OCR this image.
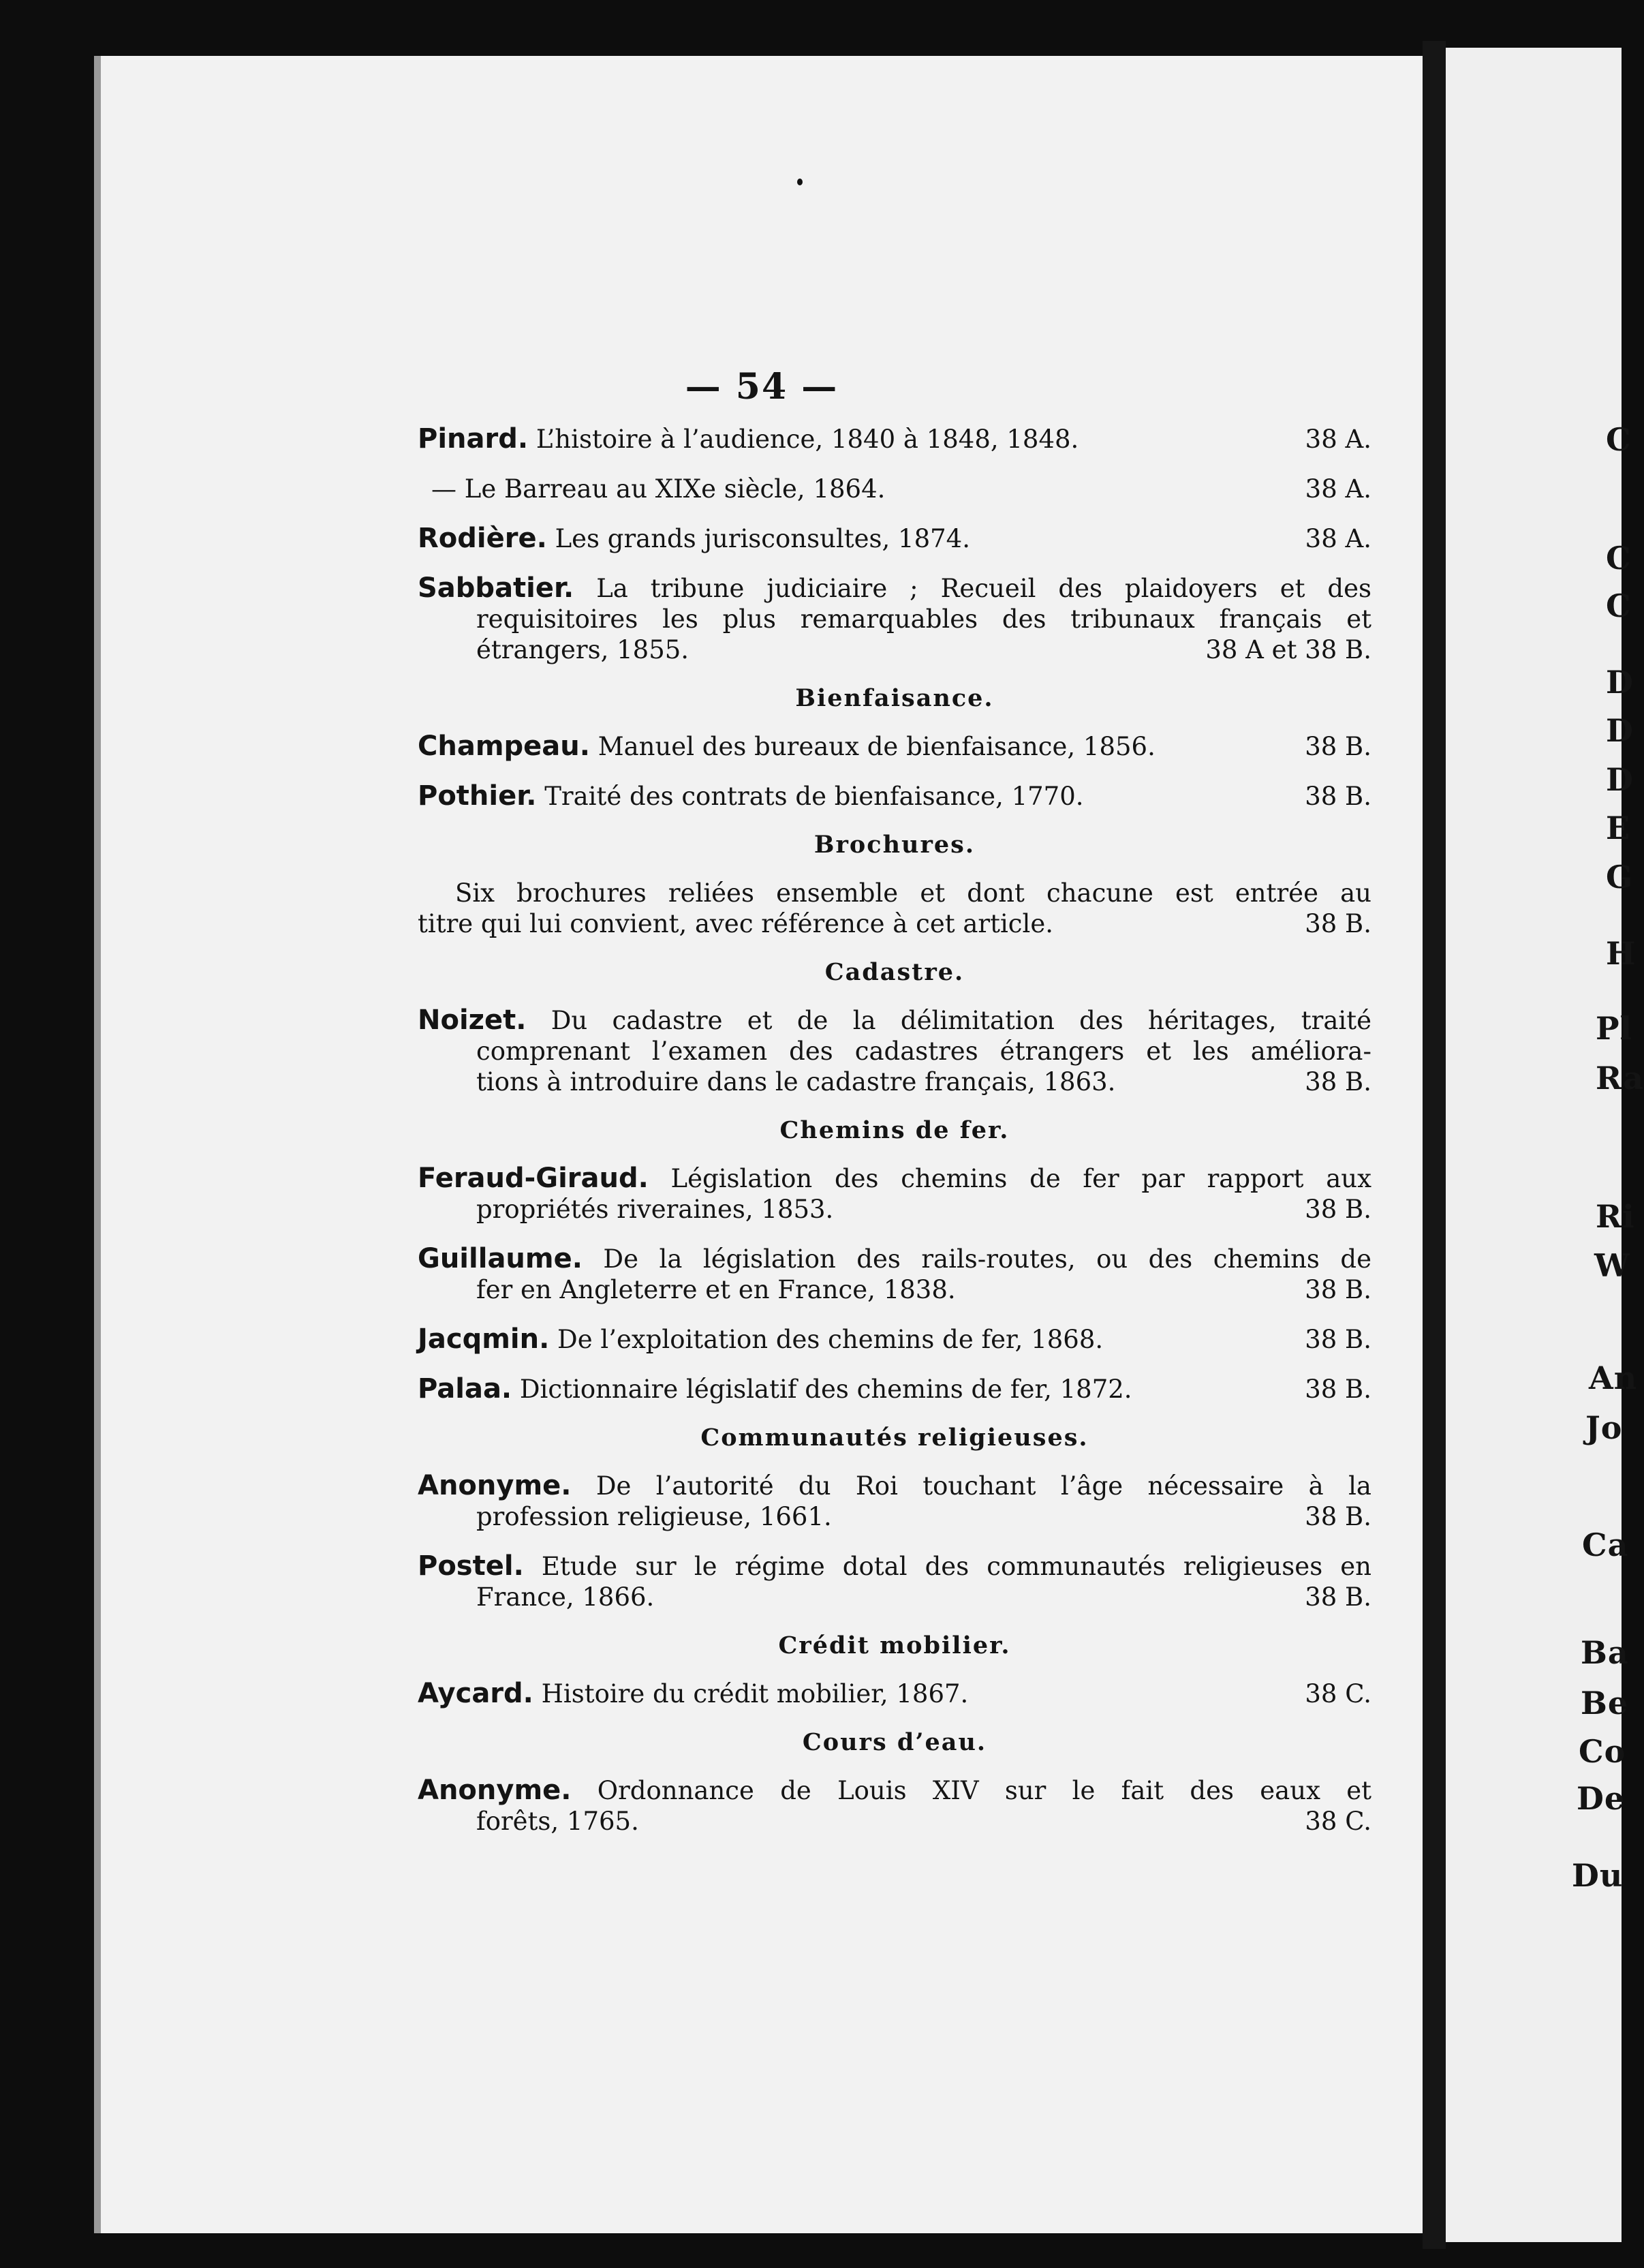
— 54 —
Pinard. L’histoire à l’audience, 1840 à 1848, 1848.	38 A.
— Le Barreau au XIXe siècle, 1864.	38 A.
Rodière. Les grands jurisconsultes, 1874.	38 A.
Sabbatier. La tribune judiciaire ; Recueil des plaidoyers et des
requisitoires les plus remarquables des tribunaux français et
étrangers, 1855.	38 A et 38 B.
Bienfaisance.
Champeau. Manuel des bureaux de bienfaisance, 1856.	38 B.
Pothier. Traité des contrats de bienfaisance, 1770.	38 B.
Brochures.
Six brochures reliées ensemble et dont chacune est entrée au
titre qui lui convient, avec référence à cet article.	38 B.
Cadastre.
Noizet. Du cadastre et de la délimitation des héritages, traité
comprenant l’examen des cadastres étrangers et les améliora-
tions à introduire dans le cadastre français, 1863.	38 B.
Chemins de fer.
Feraud-Giraud. Législation des chemins de fer par rapport aux
propriétés riveraines, 1853.	38 B.
Guillaume. De la législation des rails-routes, ou des chemins de
fer en Angleterre et en France, 1838.	38 B.
Jacqmin. De l’exploitation des chemins de fer, 1868.	38 B.
Palaa. Dictionnaire législatif des chemins de fer, 1872.	38 B.
Communautés religieuses.
Anonyme. De l’autorité du Roi touchant l’âge nécessaire à la
profession religieuse, 1661.	38 B.
Postel. Etude sur le régime dotal des communautés religieuses en
France, 1866.	38 B.
Crédit mobilier.
Aycard. Histoire du crédit mobilier, 1867.	38 C.
Cours d’eau.
Anonyme. Ordonnance de Louis XIV sur le fait des eaux et
forêts, 1765.	38 C.
C
C
C
D
D
D
E
G
H
Pl
Ra
Ri
W
An
Jo
Ca
Ba
Be
Co
De
Du
